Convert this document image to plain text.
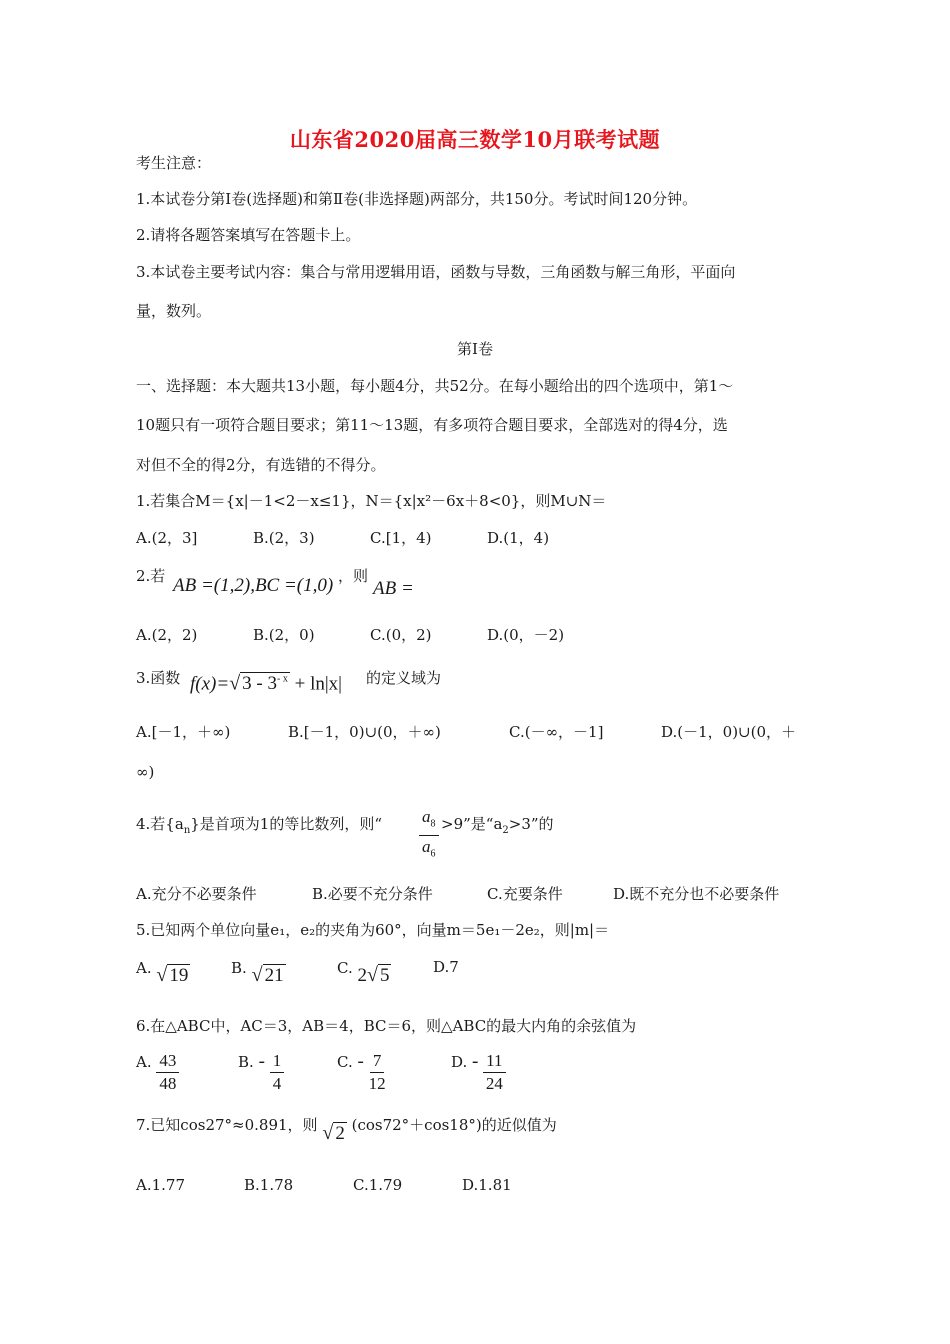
山东省2020届高三数学10月联考试题
考生注意：
1.本试卷分第Ⅰ卷(选择题)和第Ⅱ卷(非选择题)两部分，共150分。考试时间120分钟。
2.请将各题答案填写在答题卡上。
3.本试卷主要考试内容：集合与常用逻辑用语，函数与导数，三角函数与解三角形，平面向
量，数列。
第Ⅰ卷
一、选择题：本大题共13小题，每小题4分，共52分。在每小题给出的四个选项中，第1～
10题只有一项符合题目要求；第11～13题，有多项符合题目要求，全部选对的得4分，选
对但不全的得2分，有选错的不得分。
1.若集合M＝{x|－1<2－x≤1}，N＝{x|x²－6x＋8<0}，则M∪N＝
A.(2，3]	B.(2，3)	C.[1，4)	D.(1，4)
2.若 AB =(1,2),BC =(1,0) ，则
AB =
A.(2，2)	B.(2，0)	C.(0，2)	D.(0，－2)
3.函数 f(x)=√ $3 - 3^{- x} + \ln|x|$ 的定义域为
A.[－1，＋∞)	B.[－1，0)∪(0，＋∞)	C.(－∞，－1]	D.(－1，0)∪(0，＋
∞)
4.若$\{a_n\}$是首项为1的等比数列，则“ $\frac{a_8}{a_6} >9$”是“$a_2>3$”的
A.充分不必要条件	B.必要不充分条件	C.充要条件	D.既不充分也不必要条件
5.已知两个单位向量e₁，e₂的夹角为60°，向量m＝5e₁－2e₂，则|m|＝
A. √ 19	B. √ 21	C. 2√ 5	D.7
6.在△ABC中，AC＝3，AB＝4，BC＝6，则△ABC的最大内角的余弦值为
A. $\frac{43}{48}$	B. - $\frac{1}{4}$	C. - $\frac{7}{12}$	D. - $\frac{11}{24}$
7.已知cos27°≈0.891，则 √ 2 (cos72°＋cos18°)的近似值为
A.1.77	B.1.78	C.1.79	D.1.81
